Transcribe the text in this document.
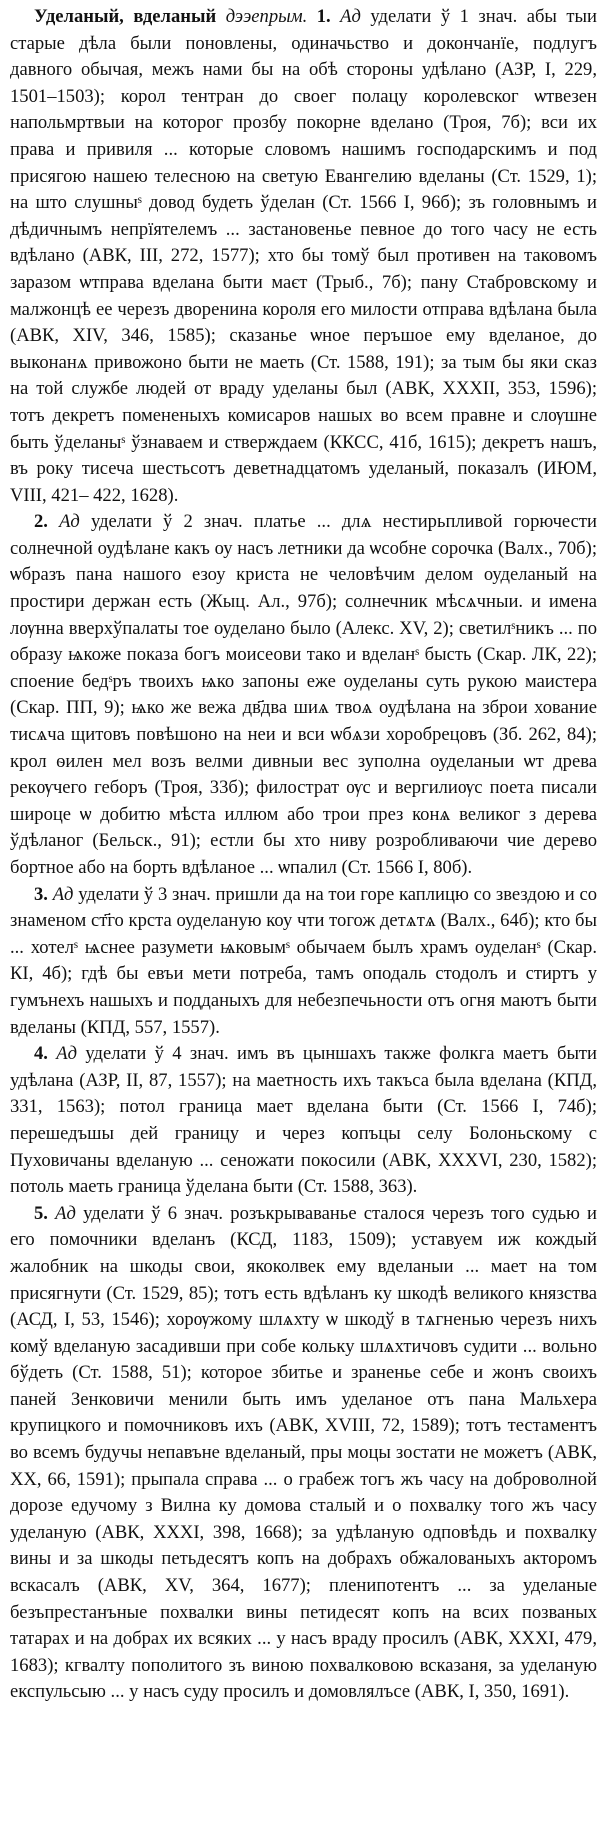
Уделаный, вделаный дээепрым. 1. Ад уделати ў 1 знач. абы тыи старые дѣла были поновлены, одиначьство и докончанїе, подлугъ давного обычая, межъ нами бы на обѣ стороны удѣлано (АЗР, I, 229, 1501–1503); корол тентран до своег полацу королевског ѡтвезен напольмртвыи на которог прозбу покорне вделано (Троя, 7б); вси их права и привиля ... которые словомъ нашимъ господарскимъ и под присягою нашею телесною на светую Евангeлию вделаны (Ст. 1529, 1); на што слушныˢ довод будеть ўделан (Ст. 1566 I, 96б); зъ головнымъ и дѣдичнымъ непрїятелемъ ... застановенье певное до того часу не есть вдѣлано (АВК, III, 272, 1577); хто бы томў был противен на таковомъ заразом ѡтправа вделана быти маєт (Трыб., 7б); пану Стабровскому и малжонцѣ ее черезъ дворенина короля его милости отправа вдѣлана была (АВК, XIV, 346, 1585); сказанье ѡное перъшое ему вделаное, до выконанѧ привожоно быти не маеть (Ст. 1588, 191); за тым бы яки сказ на той службе людей от враду уделаны был (АВК, XXXII, 353, 1596); тотъ декретъ помененыхъ комисаров нашых во всем правне и слѹшне быть ўделаныˢ ўзнаваем и стверждаем (ККСС, 41б, 1615); декретъ нашъ, въ року тисеча шестьсотъ деветнадцатомъ уделаный, показалъ (ИЮМ, VIII, 421– 422, 1628).

2. Ад уделати ў 2 знач. платье ... длѧ нестирьпливой горючести солнечной оудѣлане какъ оу насъ летники да ѡсобне сорочка (Валх., 70б); ѡбразъ пана нашого езоу криста не человѣчим делом оуделаный на простири держан есть (Жыц. Ал., 97б); солнечник мѣсѧчныи. и имена лѹнна вверхўпалаты тое оуделано было (Алекс. XV, 2); светилˢникъ ... по образу ѩкоже показа богъ моисеови тако и вделанˢ бысть (Скар. ЛК, 22); споение бедˢръ твоихъ ѩко запоны еже оуделаны суть рукою маистера (Скар. ПП, 9); ѩко же вежа дв҃два шиѧ твоѧ оудѣлана на зброи хование тисѧча щитовъ повѣшоно на неи и вси ѡбѧзи хоробрецовъ (Зб. 262, 84); крол ѳилен мел возъ велми дивныи вес зуполна оуделаныи ѡт древа рекѹчего геборъ (Троя, 33б); филострат ѹс и вергилиѹс поета писали широце ѡ добитю мѣста иллюм або трои през конѧ великог з дерева ўдѣланог (Бельск., 91); естли бы хто ниву розробливаючи чие дерево бортное або на борть вдѣланое ... ѡпалил (Ст. 1566 I, 80б).

3. Ад уделати ў 3 знач. пришли да на тои горе каплицю со звездою и со знаменом ст҃го крста оуделаную коу чти тогож детѧтѧ (Валх., 64б); кто бы ... хотелˢ ѩснее разумети ѩковымˢ обычаем былъ храмъ оуделанˢ (Скар. КІ, 4б); гдѣ бы евъи мети потреба, тамъ оподаль стодолъ и стиртъ у гумънехъ нашыхъ и подданыхъ для небезпечьности отъ огня маютъ быти вделаны (КПД, 557, 1557).

4. Ад уделати ў 4 знач. имъ въ цыншахъ также фолкга маетъ быти удѣлана (АЗР, II, 87, 1557); на маетность ихъ такъса была вделана (КПД, 331, 1563); потол граница мает вделана быти (Ст. 1566 I, 74б); перешедъшы дей границу и через копъцы селу Болоньскому с Пуховичаны вделаную ... сеножати покосили (АВК, XXXVI, 230, 1582); потоль маеть граница ўделана быти (Ст. 1588, 363).

5. Ад уделати ў 6 знач. розъкрываванье сталося черезъ того судью и его помочники вделанъ (КСД, 1183, 1509); уставуем иж кождый жалобник на шкоды свои, якоколвек ему вделаныи ... мает на том присягнути (Ст. 1529, 85); тотъ есть вдѣланъ ку шкодѣ великого князства (АСД, I, 53, 1546); хорѹжому шлѧхту ѡ шкодў в тѧгненью черезъ нихъ комў вделаную засадивши при собе кольку шлѧхтичовъ судити ... вольно бўдеть (Ст. 1588, 51); которое збитье и зраненье себе и жонъ своихъ паней Зенковичи менили быть имъ уделаное отъ пана Мальхера крупицкого и помочниковъ ихъ (АВК, XVIII, 72, 1589); тотъ тестаментъ во всемъ будучы непавъне вделаный, пры моцы зостати не можетъ (АВК, XX, 66, 1591); прыпала справа ... о грабеж тогъ жъ часу на доброволной дорозе едучому з Вилна ку домова сталый и о похвалку того жъ часу уделаную (АВК, XXXI, 398, 1668); за удѣланую одповѣдь и похвалку вины и за шкоды петьдесятъ копъ на добрахъ обжалованыхъ акторомъ вскасалъ (АВК, XV, 364, 1677); пленипотентъ ... за уделаные безъпрестанъные похвалки вины петидесят копъ на всих позваных татарах и на добрах их всяких ... у насъ враду просилъ (АВК, XXXI, 479, 1683); кгвалту пополитого зъ виною похвалковою всказаня, за уделаную експульсыю ... у насъ суду просилъ и домовлялъсе (АВК, I, 350, 1691).
